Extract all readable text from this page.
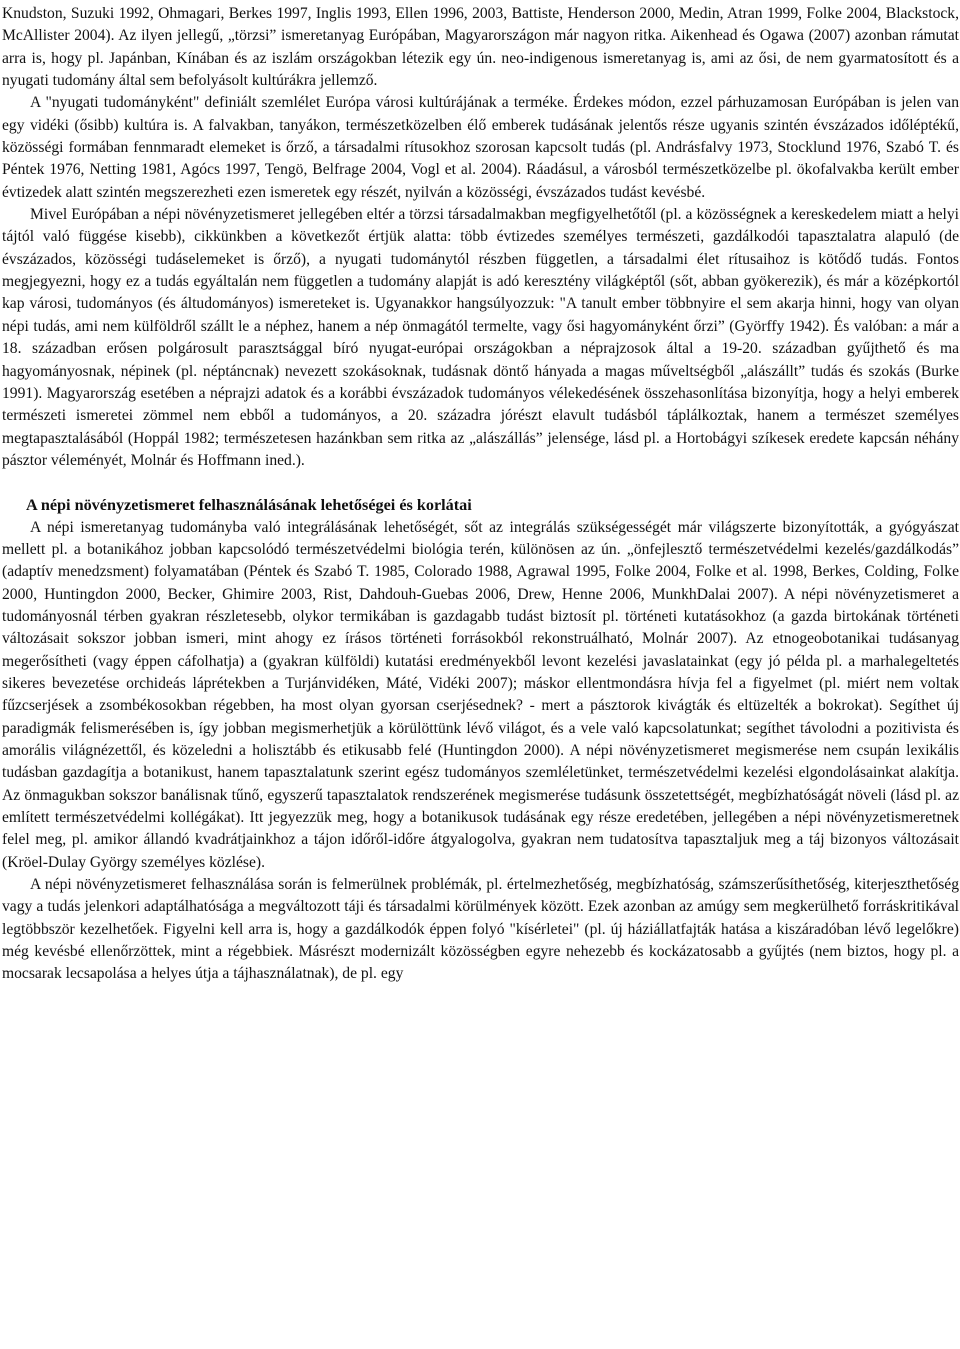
Knudston, Suzuki 1992, Ohmagari, Berkes 1997, Inglis 1993, Ellen 1996, 2003, Battiste, Henderson 2000, Medin, Atran 1999, Folke 2004, Blackstock, McAllister 2004). Az ilyen jellegű, „törzsi” ismeretanyag Európában, Magyarországon már nagyon ritka. Aikenhead és Ogawa (2007) azonban rámutat arra is, hogy pl. Japánban, Kínában és az iszlám országokban létezik egy ún. neo-indigenous ismeretanyag is, ami az ősi, de nem gyarmatosított és a nyugati tudomány által sem befolyásolt kultúrákra jellemző.

A "nyugati tudományként" definiált szemlélet Európa városi kultúrájának a terméke. Érdekes módon, ezzel párhuzamosan Európában is jelen van egy vidéki (ősibb) kultúra is. A falvakban, tanyákon, természetközelben élő emberek tudásának jelentős része ugyanis szintén évszázados időléptékű, közösségi formában fennmaradt elemeket is őrző, a társadalmi rítusokhoz szorosan kapcsolt tudás (pl. Andrásfalvy 1973, Stocklund 1976, Szabó T. és Péntek 1976, Netting 1981, Agócs 1997, Tengö, Belfrage 2004, Vogl et al. 2004). Ráadásul, a városból természetközelbe pl. ökofalvakba került ember évtizedek alatt szintén megszerezheti ezen ismeretek egy részét, nyilván a közösségi, évszázados tudást kevésbé.

Mivel Európában a népi növényzetismeret jellegében eltér a törzsi társadalmakban megfigyelhetőtől (pl. a közösségnek a kereskedelem miatt a helyi tájtól való függése kisebb), cikkünkben a következőt értjük alatta: több évtizedes személyes természeti, gazdálkodói tapasztalatra alapuló (de évszázados, közösségi tudáselemeket is őrző), a nyugati tudománytól részben független, a társadalmi élet rítusaihoz is kötődő tudás. Fontos megjegyezni, hogy ez a tudás egyáltalán nem független a tudomány alapját is adó keresztény világképtől (sőt, abban gyökerezik), és már a középkortól kap városi, tudományos (és áltudományos) ismereteket is. Ugyanakkor hangsúlyozzuk: "A tanult ember többnyire el sem akarja hinni, hogy van olyan népi tudás, ami nem külföldről szállt le a néphez, hanem a nép önmagától termelte, vagy ősi hagyományként őrzi” (Györffy 1942). És valóban: a már a 18. században erősen polgárosult parasztsággal bíró nyugat-európai országokban a néprajzosok által a 19-20. században gyűjthető és ma hagyományosnak, népinek (pl. néptáncnak) nevezett szokásoknak, tudásnak döntő hányada a magas műveltségből „alászállt” tudás és szokás (Burke 1991). Magyarország esetében a néprajzi adatok és a korábbi évszázadok tudományos vélekedésének összehasonlítása bizonyítja, hogy a helyi emberek természeti ismeretei zömmel nem ebből a tudományos, a 20. századra jórészt elavult tudásból táplálkoztak, hanem a természet személyes megtapasztalásából (Hoppál 1982; természetesen hazánkban sem ritka az „alászállás” jelensége, lásd pl. a Hortobágyi szíkesek eredete kapcsán néhány pásztor véleményét, Molnár és Hoffmann ined.).

A népi növényzetismeret felhasználásának lehetőségei és korlátai

A népi ismeretanyag tudományba való integrálásának lehetőségét, sőt az integrálás szükségességét már világszerte bizonyították, a gyógyászat mellett pl. a botanikához jobban kapcsolódó természetvédelmi biológia terén, különösen az ún. „önfejlesztő természetvédelmi kezelés/gazdálkodás” (adaptív menedzsment) folyamatában (Péntek és Szabó T. 1985, Colorado 1988, Agrawal 1995, Folke 2004, Folke et al. 1998, Berkes, Colding, Folke 2000, Huntingdon 2000, Becker, Ghimire 2003, Rist, Dahdouh-Guebas 2006, Drew, Henne 2006, MunkhDalai 2007). A népi növényzetismeret a tudományosnál térben gyakran részletesebb, olykor termikában is gazdagabb tudást biztosít pl. történeti kutatásokhoz (a gazda birtokának történeti változásait sokszor jobban ismeri, mint ahogy ez írásos történeti forrásokból rekonstruálható, Molnár 2007). Az etnogeobotanikai tudásanyag megerősítheti (vagy éppen cáfolhatja) a (gyakran külföldi) kutatási eredményekből levont kezelési javaslatainkat (egy jó példa pl. a marhalegeltetés sikeres bevezetése orchideás láprétekben a Turjánvidéken, Máté, Vidéki 2007); máskor ellentmondásra hívja fel a figyelmet (pl. miért nem voltak fűzcserjések a zsombékosokban régebben, ha most olyan gyorsan cserjésednek? - mert a pásztorok kivágták és eltüzelték a bokrokat). Segíthet új paradigmák felismerésében is, így jobban megismerhetjük a körülöttünk lévő világot, és a vele való kapcsolatunkat; segíthet távolodni a pozitivista és amorális világnézettől, és közeledni a holisztább és etikusabb felé (Huntingdon 2000). A népi növényzetismeret megismerése nem csupán lexikális tudásban gazdagítja a botanikust, hanem tapasztalatunk szerint egész tudományos szemléletünket, természetvédelmi kezelési elgondolásainkat alakítja. Az önmagukban sokszor banálisnak tűnő, egyszerű tapasztalatok rendszerének megismerése tudásunk összetettségét, megbízhatóságát növeli (lásd pl. az említett természetvédelmi kollégákat). Itt jegyezzük meg, hogy a botanikusok tudásának egy része eredetében, jellegében a népi növényzetismeretnek felel meg, pl. amikor állandó kvadrátjainkhoz a tájon időről-időre átgyalogolva, gyakran nem tudatosítva tapasztaljuk meg a táj bizonyos változásait (Kröel-Dulay György személyes közlése).

A népi növényzetismeret felhasználása során is felmerülnek problémák, pl. értelmezhetőség, megbízhatóság, számszerűsíthetőség, kiterjeszthetőség vagy a tudás jelenkori adaptálhatósága a megváltozott táji és társadalmi körülmények között. Ezek azonban az amúgy sem megkerülhető forráskritikával legtöbbször kezelhetőek. Figyelni kell arra is, hogy a gazdálkodók éppen folyó "kísérletei" (pl. új háziállatfajták hatása a kiszáradóban lévő legelőkre) még kevésbé ellenőrzöttek, mint a régebbiek. Másrészt modernizált közösségben egyre nehezebb és kockázatosabb a gyűjtés (nem biztos, hogy pl. a mocsarak lecsapolása a helyes útja a tájhasználatnak), de pl. egy
